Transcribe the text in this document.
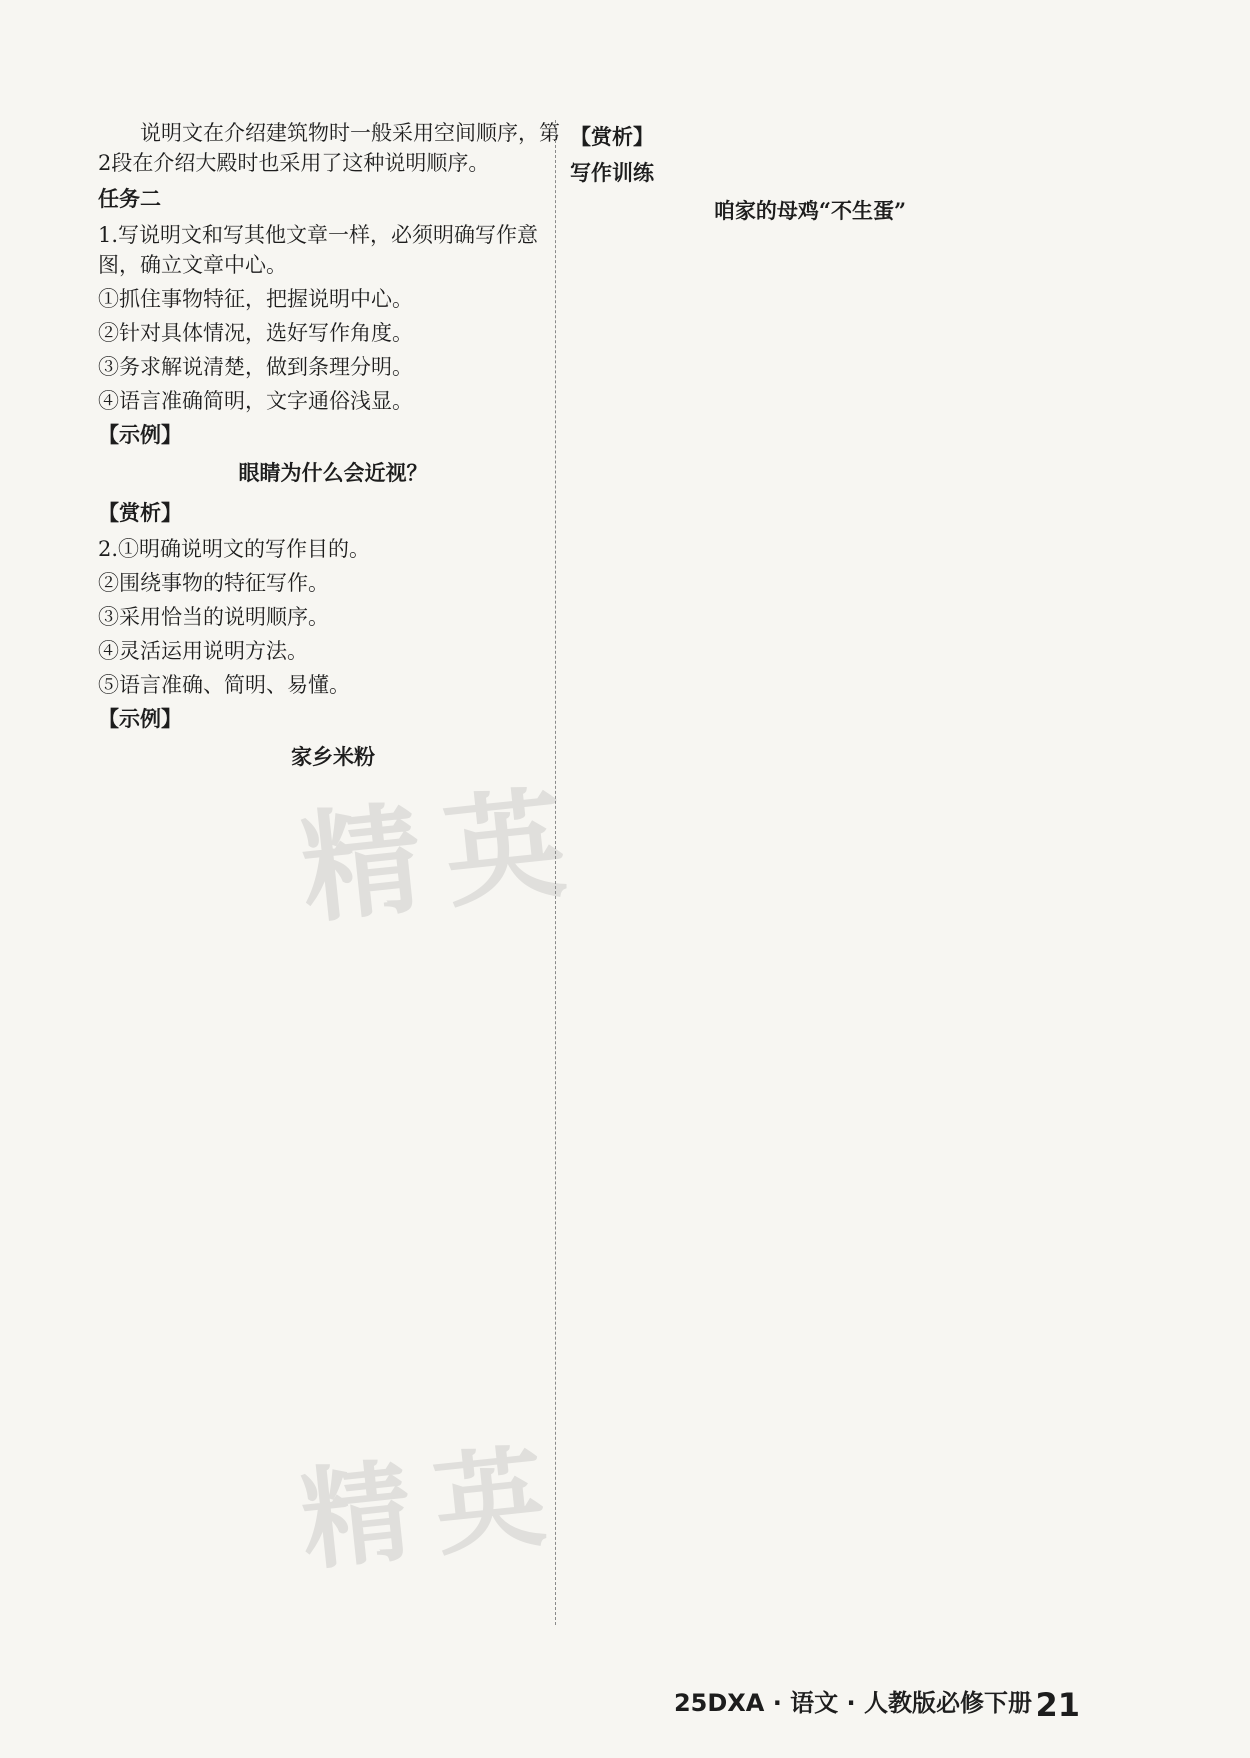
说明文在介绍建筑物时一般采用空间顺序，第2段在介绍大殿时也采用了这种说明顺序。

任务二
1.写说明文和写其他文章一样，必须明确写作意图，确立文章中心。
①抓住事物特征，把握说明中心。
②针对具体情况，选好写作角度。
③务求解说清楚，做到条理分明。
④语言准确简明，文字通俗浅显。
【示例】
眼睛为什么会近视？
【赏析】
2.①明确说明文的写作目的。
②围绕事物的特征写作。
③采用恰当的说明顺序。
④灵活运用说明方法。
⑤语言准确、简明、易懂。
【示例】
家乡米粉
【赏析】
写作训练
咱家的母鸡“不生蛋”
精英
精英
25DXA · 语文 · 人教版必修下册 21
